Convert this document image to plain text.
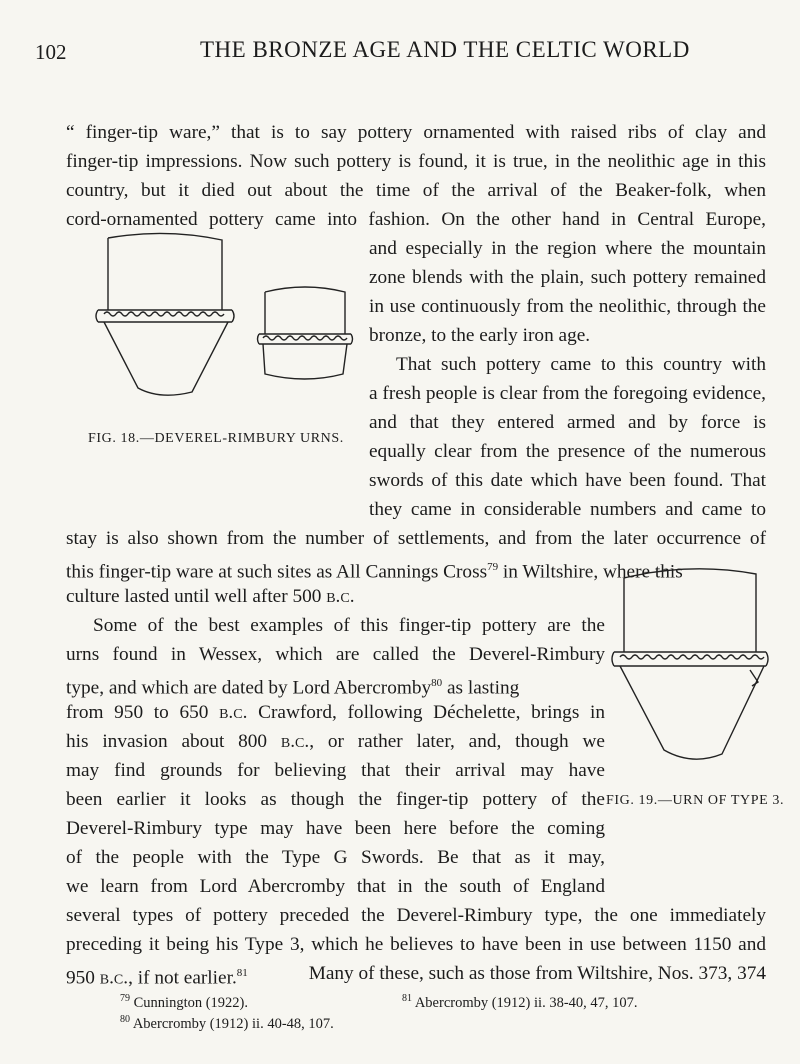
102	THE BRONZE AGE AND THE CELTIC WORLD
“ finger-tip ware,” that is to say pottery ornamented with raised ribs of clay and
finger-tip impressions. Now such pottery is found, it is true, in the neolithic age in this
country, but it died out about the time of the arrival of the Beaker-folk, when
cord-ornamented pottery came into fashion. On the other hand in Central Europe,
and especially in the region where the mountain
zone blends with the plain, such pottery remained
in use continuously from the neolithic, through the
bronze, to the early iron age.
That such pottery came to this country with
a fresh people is clear from the foregoing evidence,
and that they entered armed and by force is
equally clear from the presence of the numerous
swords of this date which have been found. That
they came in considerable numbers and came to
stay is also shown from the number of settlements, and from the later occurrence of
this finger-tip ware at such sites as All Cannings Cross$^{79}$ in Wiltshire, where this
culture lasted until well after 500 b.c.
Some of the best examples of this finger-tip pottery are the
urns found in Wessex, which are called the Deverel-Rimbury
type, and which are dated by Lord Abercromby$^{80}$ as lasting
from 950 to 650 b.c. Crawford, following Déchelette, brings in
his invasion about 800 b.c., or rather later, and, though we
may find grounds for believing that their arrival may have
been earlier it looks as though the finger-tip pottery of the
Deverel-Rimbury type may have been here before the coming
of the people with the Type G Swords. Be that as it may,
we learn from Lord Abercromby that in the south of England
several types of pottery preceded the Deverel-Rimbury type, the one immediately
preceding it being his Type 3, which he believes to have been in use between 1150 and
950 b.c., if not earlier.$^{81}$	Many of these, such as those from Wiltshire, Nos. 373, 374
FIG. 18.—DEVEREL-RIMBURY URNS.
FIG. 19.—URN OF TYPE 3.
$^{79}$ Cunnington (1922).
$^{80}$ Abercromby (1912) ii. 40-48, 107.
$^{81}$ Abercromby (1912) ii. 38-40, 47, 107.
